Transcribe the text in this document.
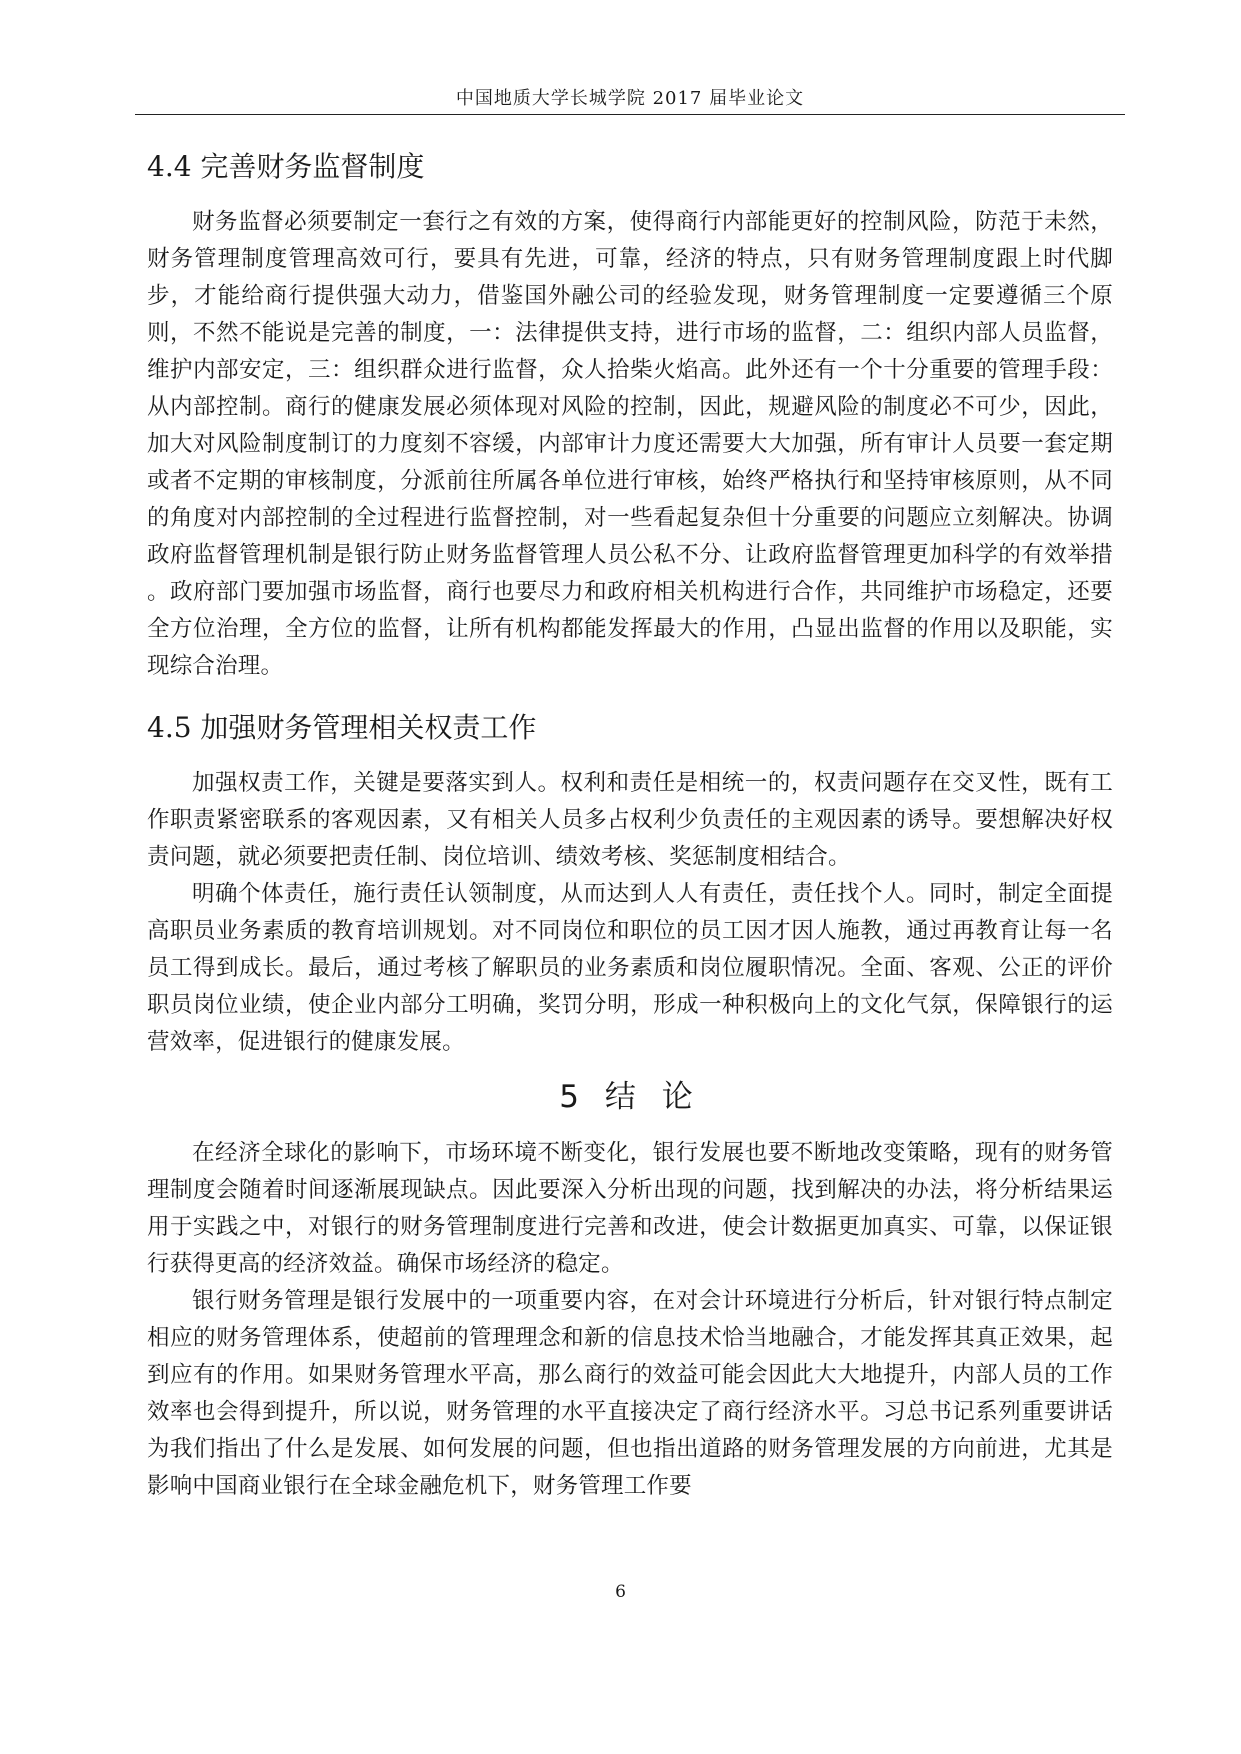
中国地质大学长城学院 2017 届毕业论文
4.4 完善财务监督制度

财务监督必须要制定一套行之有效的方案，使得商行内部能更好的控制风险，防范于未然，财务管理制度管理高效可行，要具有先进，可靠，经济的特点，只有财务管理制度跟上时代脚步，才能给商行提供强大动力，借鉴国外融公司的经验发现，财务管理制度一定要遵循三个原则，不然不能说是完善的制度，一：法律提供支持，进行市场的监督，二：组织内部人员监督，维护内部安定，三：组织群众进行监督，众人拾柴火焰高。此外还有一个十分重要的管理手段：从内部控制。商行的健康发展必须体现对风险的控制，因此，规避风险的制度必不可少，因此，加大对风险制度制订的力度刻不容缓，内部审计力度还需要大大加强，所有审计人员要一套定期或者不定期的审核制度，分派前往所属各单位进行审核，始终严格执行和坚持审核原则，从不同的角度对内部控制的全过程进行监督控制，对一些看起复杂但十分重要的问题应立刻解决。协调政府监督管理机制是银行防止财务监督管理人员公私不分、让政府监督管理更加科学的有效举措 。政府部门要加强市场监督，商行也要尽力和政府相关机构进行合作，共同维护市场稳定，还要全方位治理，全方位的监督，让所有机构都能发挥最大的作用，凸显出监督的作用以及职能，实现综合治理。

4.5 加强财务管理相关权责工作

加强权责工作，关键是要落实到人。权利和责任是相统一的，权责问题存在交叉性，既有工作职责紧密联系的客观因素，又有相关人员多占权利少负责任的主观因素的诱导。要想解决好权责问题，就必须要把责任制、岗位培训、绩效考核、奖惩制度相结合。

明确个体责任，施行责任认领制度，从而达到人人有责任，责任找个人。同时，制定全面提高职员业务素质的教育培训规划。对不同岗位和职位的员工因才因人施教，通过再教育让每一名员工得到成长。最后，通过考核了解职员的业务素质和岗位履职情况。全面、客观、公正的评价职员岗位业绩，使企业内部分工明确，奖罚分明，形成一种积极向上的文化气氛，保障银行的运营效率，促进银行的健康发展。

5 结 论

在经济全球化的影响下，市场环境不断变化，银行发展也要不断地改变策略，现有的财务管理制度会随着时间逐渐展现缺点。因此要深入分析出现的问题，找到解决的办法，将分析结果运用于实践之中，对银行的财务管理制度进行完善和改进，使会计数据更加真实、可靠，以保证银行获得更高的经济效益。确保市场经济的稳定。

银行财务管理是银行发展中的一项重要内容，在对会计环境进行分析后，针对银行特点制定相应的财务管理体系，使超前的管理理念和新的信息技术恰当地融合，才能发挥其真正效果，起到应有的作用。如果财务管理水平高，那么商行的效益可能会因此大大地提升，内部人员的工作效率也会得到提升，所以说，财务管理的水平直接决定了商行经济水平。习总书记系列重要讲话为我们指出了什么是发展、如何发展的问题，但也指出道路的财务管理发展的方向前进，尤其是影响中国商业银行在全球金融危机下，财务管理工作要

6
